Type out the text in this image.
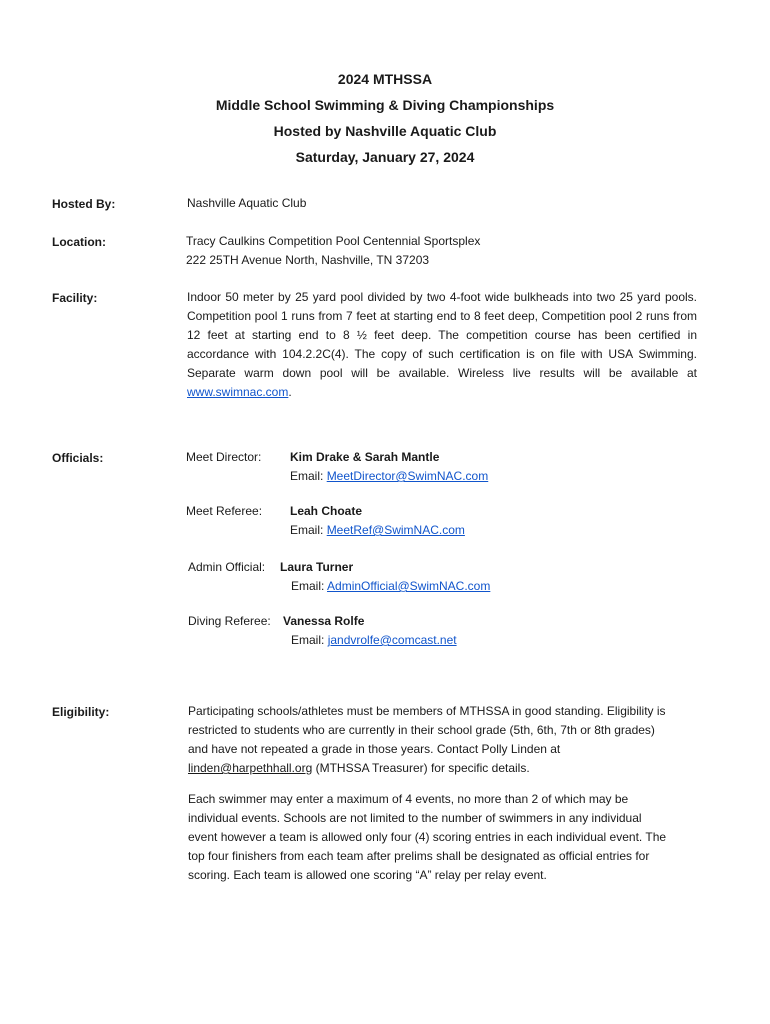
2024 MTHSSA
Middle School Swimming & Diving Championships
Hosted by Nashville Aquatic Club
Saturday, January 27, 2024
Hosted By:	Nashville Aquatic Club
Location:	Tracy Caulkins Competition Pool Centennial Sportsplex
222 25TH Avenue North, Nashville, TN 37203
Facility:	Indoor 50 meter by 25 yard pool divided by two 4-foot wide bulkheads into two 25 yard pools. Competition pool 1 runs from 7 feet at starting end to 8 feet deep, Competition pool 2 runs from 12 feet at starting end to 8 ½ feet deep. The competition course has been certified in accordance with 104.2.2C(4). The copy of such certification is on file with USA Swimming. Separate warm down pool will be available. Wireless live results will be available at www.swimnac.com.
Officials:	Meet Director: Kim Drake & Sarah Mantle
Email: MeetDirector@SwimNAC.com
Meet Referee: Leah Choate
Email: MeetRef@SwimNAC.com
Admin Official: Laura Turner
Email: AdminOfficial@SwimNAC.com
Diving Referee: Vanessa Rolfe
Email: jandvrolfe@comcast.net
Eligibility:	Participating schools/athletes must be members of MTHSSA in good standing. Eligibility is
restricted to students who are currently in their school grade (5th, 6th, 7th or 8th grades)
and have not repeated a grade in those years. Contact Polly Linden at
linden@harpethhall.org (MTHSSA Treasurer) for specific details.
Each swimmer may enter a maximum of 4 events, no more than 2 of which may be
individual events. Schools are not limited to the number of swimmers in any individual
event however a team is allowed only four (4) scoring entries in each individual event. The
top four finishers from each team after prelims shall be designated as official entries for
scoring. Each team is allowed one scoring “A” relay per relay event.
